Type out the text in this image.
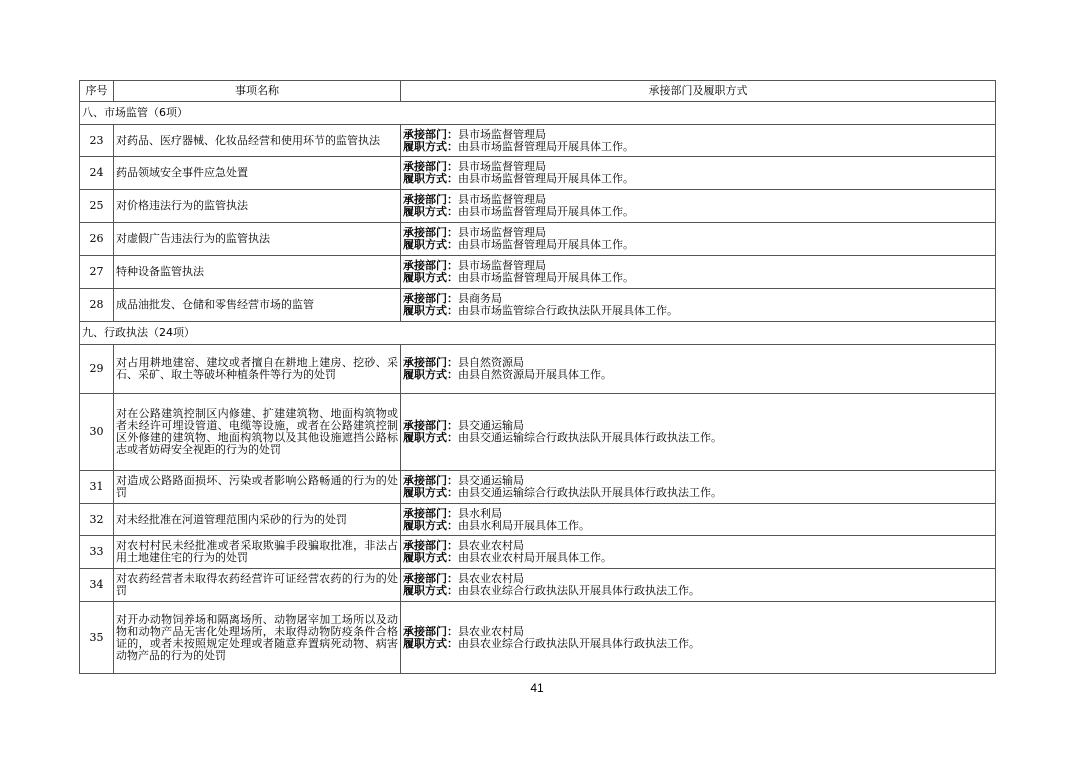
序号	事项名称	承接部门及履职方式
八、市场监管（6项）		
23	对药品、医疗器械、化妆品经营和使用环节的监管执法	承接部门：县市场监督管理局
履职方式：由县市场监督管理局开展具体工作。

24	药品领域安全事件应急处置	承接部门：县市场监督管理局
履职方式：由县市场监督管理局开展具体工作。

25	对价格违法行为的监管执法	承接部门：县市场监督管理局
履职方式：由县市场监督管理局开展具体工作。

26	对虚假广告违法行为的监管执法	承接部门：县市场监督管理局
履职方式：由县市场监督管理局开展具体工作。

27	特种设备监管执法	承接部门：县市场监督管理局
履职方式：由县市场监督管理局开展具体工作。

28	成品油批发、仓储和零售经营市场的监管	承接部门：县商务局
履职方式：由县市场监管综合行政执法队开展具体工作。

九、行政执法（24项）		
29	对占用耕地建窑、建坟或者擅自在耕地上建房、挖砂、采石、采矿、取土等破坏种植条件等行为的处罚	承接部门：县自然资源局
履职方式：由县自然资源局开展具体工作。

30	对在公路建筑控制区内修建、扩建建筑物、地面构筑物或者未经许可埋设管道、电缆等设施，或者在公路建筑控制区外修建的建筑物、地面构筑物以及其他设施遮挡公路标志或者妨碍安全视距的行为的处罚	承接部门：县交通运输局
履职方式：由县交通运输综合行政执法队开展具体行政执法工作。

31	对造成公路路面损坏、污染或者影响公路畅通的行为的处罚	承接部门：县交通运输局
履职方式：由县交通运输综合行政执法队开展具体行政执法工作。

32	对未经批准在河道管理范围内采砂的行为的处罚	承接部门：县水利局
履职方式：由县水利局开展具体工作。

33	对农村村民未经批准或者采取欺骗手段骗取批准，非法占用土地建住宅的行为的处罚	承接部门：县农业农村局
履职方式：由县农业农村局开展具体工作。

34	对农药经营者未取得农药经营许可证经营农药的行为的处罚	承接部门：县农业农村局
履职方式：由县农业综合行政执法队开展具体行政执法工作。

35	对开办动物饲养场和隔离场所、动物屠宰加工场所以及动物和动物产品无害化处理场所，未取得动物防疫条件合格证的，或者未按照规定处理或者随意弃置病死动物、病害动物产品的行为的处罚	承接部门：县农业农村局
履职方式：由县农业综合行政执法队开展具体行政执法工作。
41
